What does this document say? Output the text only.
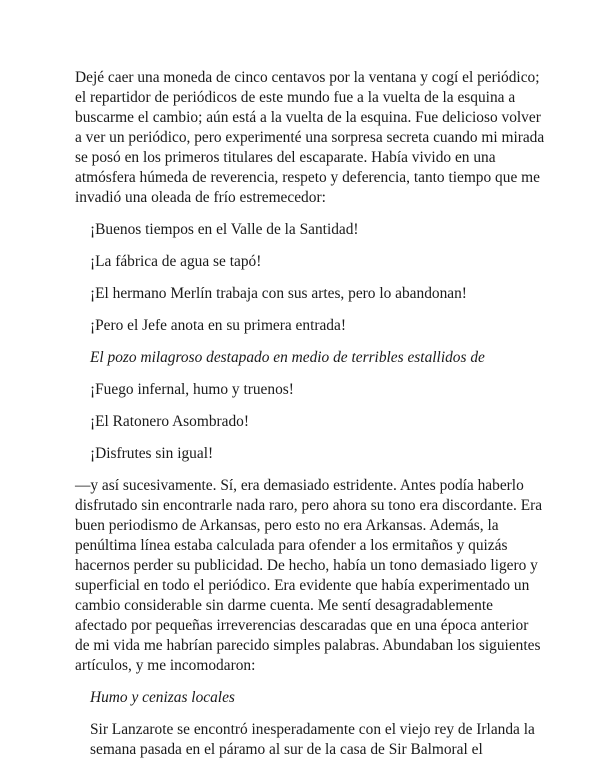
Dejé caer una moneda de cinco centavos por la ventana y cogí el periódico; el repartidor de periódicos de este mundo fue a la vuelta de la esquina a buscarme el cambio; aún está a la vuelta de la esquina. Fue delicioso volver a ver un periódico, pero experimenté una sorpresa secreta cuando mi mirada se posó en los primeros titulares del escaparate. Había vivido en una atmósfera húmeda de reverencia, respeto y deferencia, tanto tiempo que me invadió una oleada de frío estremecedor:

¡Buenos tiempos en el Valle de la Santidad!

¡La fábrica de agua se tapó!

¡El hermano Merlín trabaja con sus artes, pero lo abandonan!

¡Pero el Jefe anota en su primera entrada!

El pozo milagroso destapado en medio de terribles estallidos de

¡Fuego infernal, humo y truenos!

¡El Ratonero Asombrado!

¡Disfrutes sin igual!

—y así sucesivamente. Sí, era demasiado estridente. Antes podía haberlo disfrutado sin encontrarle nada raro, pero ahora su tono era discordante. Era buen periodismo de Arkansas, pero esto no era Arkansas. Además, la penúltima línea estaba calculada para ofender a los ermitaños y quizás hacernos perder su publicidad. De hecho, había un tono demasiado ligero y superficial en todo el periódico. Era evidente que había experimentado un cambio considerable sin darme cuenta. Me sentí desagradablemente afectado por pequeñas irreverencias descaradas que en una época anterior de mi vida me habrían parecido simples palabras. Abundaban los siguientes artículos, y me incomodaron:

Humo y cenizas locales

Sir Lanzarote se encontró inesperadamente con el viejo rey de Irlanda la semana pasada en el páramo al sur de la casa de Sir Balmoral el
